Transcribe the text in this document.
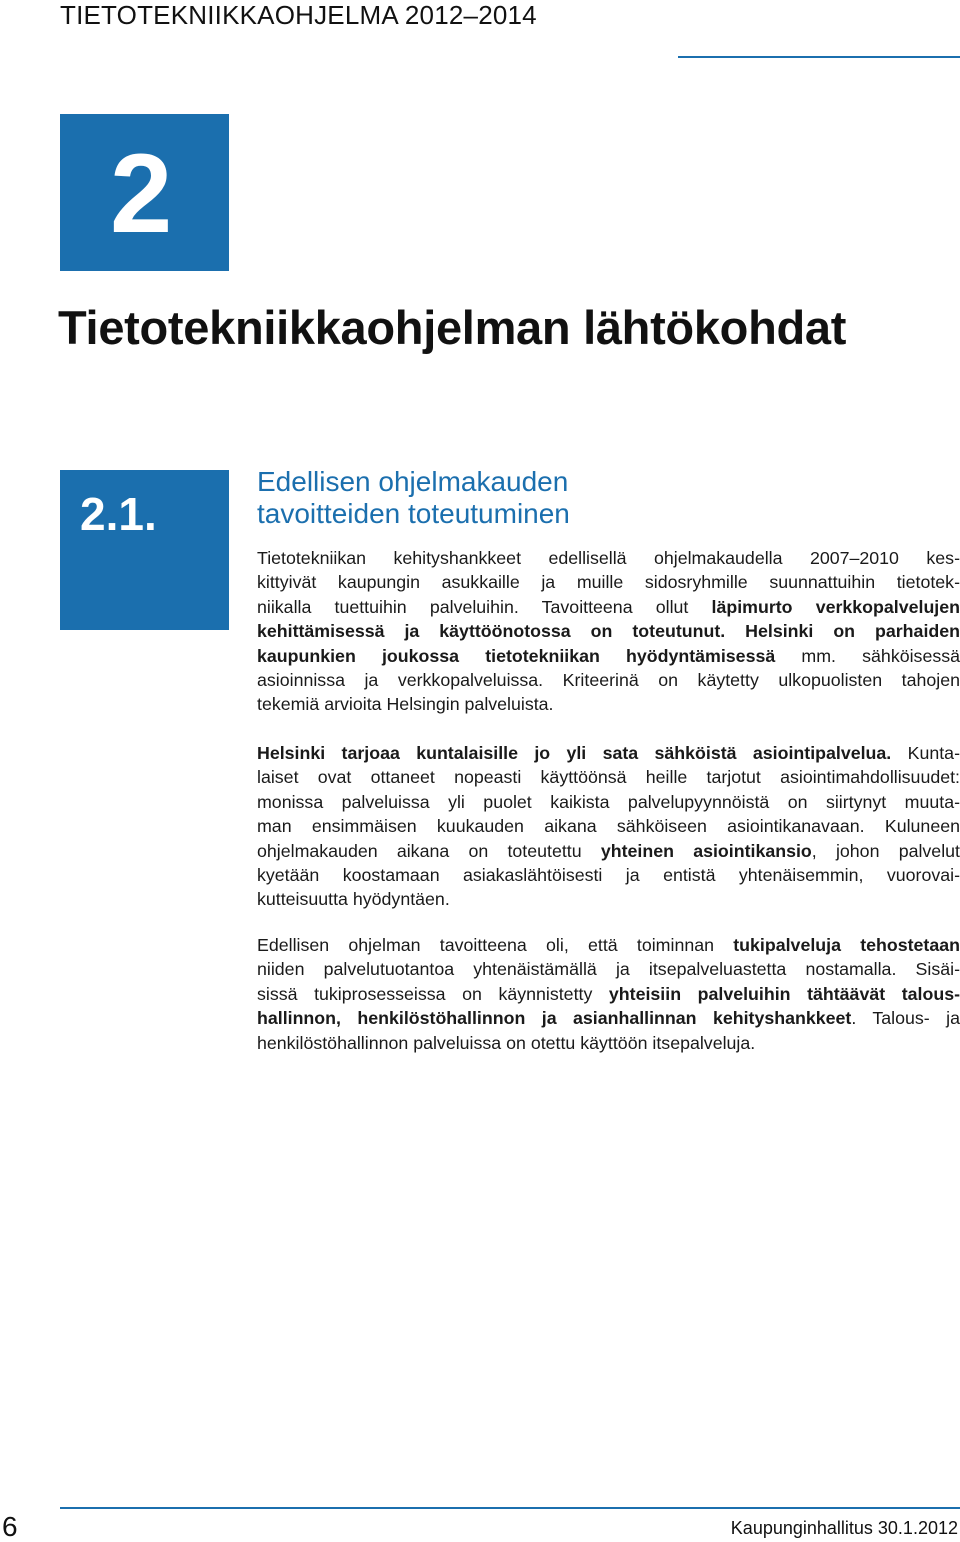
TIETOTEKNIIKKAOHJELMA 2012–2014
2
Tietotekniikkaohjelman lähtökohdat
2.1.
Edellisen ohjelmakauden
tavoitteiden toteutuminen
Tietotekniikan kehityshankkeet edellisellä ohjelmakaudella 2007–2010 kes-
kittyivät kaupungin asukkaille ja muille sidosryhmille suunnattuihin tietotek-
niikalla tuettuihin palveluihin. Tavoitteena ollut läpimurto verkkopalvelujen
kehittämisessä ja käyttöönotossa on toteutunut. Helsinki on parhaiden
kaupunkien joukossa tietotekniikan hyödyntämisessä mm. sähköisessä
asioinnissa ja verkkopalveluissa. Kriteerinä on käytetty ulkopuolisten tahojen
tekemiä arvioita Helsingin palveluista.
Helsinki tarjoaa kuntalaisille jo yli sata sähköistä asiointipalvelua. Kunta-
laiset ovat ottaneet nopeasti käyttöönsä heille tarjotut asiointimahdollisuudet:
monissa palveluissa yli puolet kaikista palvelupyynnöistä on siirtynyt muuta-
man ensimmäisen kuukauden aikana sähköiseen asiointikanavaan. Kuluneen
ohjelmakauden aikana on toteutettu yhteinen asiointikansio, johon palvelut
kyetään koostamaan asiakaslähtöisesti ja entistä yhtenäisemmin, vuorovai-
kutteisuutta hyödyntäen.
Edellisen ohjelman tavoitteena oli, että toiminnan tukipalveluja tehostetaan
niiden palvelutuotantoa yhtenäistämällä ja itsepalveluastetta nostamalla. Sisäi-
sissä tukiprosesseissa on käynnistetty yhteisiin palveluihin tähtäävät talous-
hallinnon, henkilöstöhallinnon ja asianhallinnan kehityshankkeet. Talous- ja
henkilöstöhallinnon palveluissa on otettu käyttöön itsepalveluja.
6	Kaupunginhallitus 30.1.2012
